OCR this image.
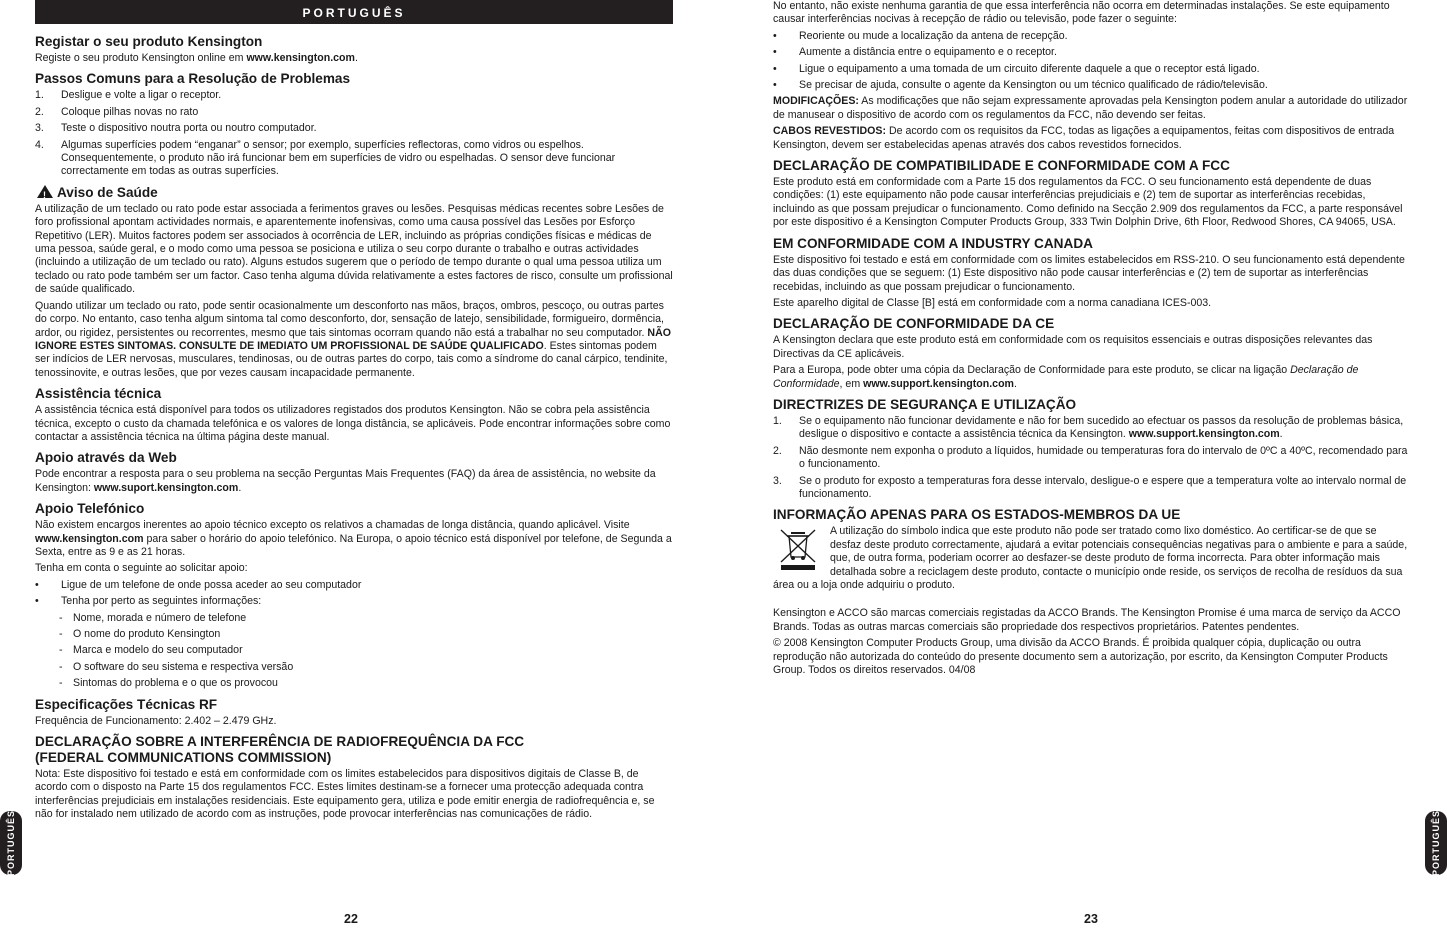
PORTUGUÊS
Registar o seu produto Kensington

Registe o seu produto Kensington online em www.kensington.com.

Passos Comuns para a Resolução de Problemas
1. Desligue e volte a ligar o receptor.
2. Coloque pilhas novas no rato
3. Teste o dispositivo noutra porta ou noutro computador.
4. Algumas superfícies podem “enganar” o sensor; por exemplo, superfícies reflectoras, como vidros ou espelhos. Consequentemente, o produto não irá funcionar bem em superfícies de vidro ou espelhadas. O sensor deve funcionar correctamente em todas as outras superfícies.
!Aviso de Saúde

A utilização de um teclado ou rato pode estar associada a ferimentos graves ou lesões. Pesquisas médicas recentes sobre Lesões de foro profissional apontam actividades normais, e aparentemente inofensivas, como uma causa possível das Lesões por Esforço Repetitivo (LER). Muitos factores podem ser associados à ocorrência de LER, incluindo as próprias condições físicas e médicas de uma pessoa, saúde geral, e o modo como uma pessoa se posiciona e utiliza o seu corpo durante o trabalho e outras actividades (incluindo a utilização de um teclado ou rato). Alguns estudos sugerem que o período de tempo durante o qual uma pessoa utiliza um teclado ou rato pode também ser um factor. Caso tenha alguma dúvida relativamente a estes factores de risco, consulte um profissional de saúde qualificado.

Quando utilizar um teclado ou rato, pode sentir ocasionalmente um desconforto nas mãos, braços, ombros, pescoço, ou outras partes do corpo. No entanto, caso tenha algum sintoma tal como desconforto, dor, sensação de latejo, sensibilidade, formigueiro, dormência, ardor, ou rigidez, persistentes ou recorrentes, mesmo que tais sintomas ocorram quando não está a trabalhar no seu computador. NÃO IGNORE ESTES SINTOMAS. CONSULTE DE IMEDIATO UM PROFISSIONAL DE SAÚDE QUALIFICADO. Estes sintomas podem ser indícios de LER nervosas, musculares, tendinosas, ou de outras partes do corpo, tais como a síndrome do canal cárpico, tendinite, tenossinovite, e outras lesões, que por vezes causam incapacidade permanente.

Assistência técnica

A assistência técnica está disponível para todos os utilizadores registados dos produtos Kensington. Não se cobra pela assistência técnica, excepto o custo da chamada telefónica e os valores de longa distância, se aplicáveis. Pode encontrar informações sobre como contactar a assistência técnica na última página deste manual.

Apoio através da Web

Pode encontrar a resposta para o seu problema na secção Perguntas Mais Frequentes (FAQ) da área de assistência, no website da Kensington: www.suport.kensington.com.

Apoio Telefónico

Não existem encargos inerentes ao apoio técnico excepto os relativos a chamadas de longa distância, quando aplicável. Visite www.kensington.com para saber o horário do apoio telefónico. Na Europa, o apoio técnico está disponível por telefone, de Segunda a Sexta, entre as 9 e as 21 horas.

Tenha em conta o seguinte ao solicitar apoio:

• Ligue de um telefone de onde possa aceder ao seu computador
• Tenha por perto as seguintes informações:
- Nome, morada e número de telefone
- O nome do produto Kensington
- Marca e modelo do seu computador
- O software do seu sistema e respectiva versão
- Sintomas do problema e o que os provocou
Especificações Técnicas RF

Frequência de Funcionamento: 2.402 – 2.479 GHz.

DECLARAÇÃO SOBRE A INTERFERÊNCIA DE RADIOFREQUÊNCIA DA FCC
(FEDERAL COMMUNICATIONS COMMISSION)

Nota: Este dispositivo foi testado e está em conformidade com os limites estabelecidos para dispositivos digitais de Classe B, de acordo com o disposto na Parte 15 dos regulamentos FCC. Estes limites destinam-se a fornecer uma protecção adequada contra interferências prejudiciais em instalações residenciais. Este equipamento gera, utiliza e pode emitir energia de radiofrequência e, se não for instalado nem utilizado de acordo com as instruções, pode provocar interferências nas comunicações de rádio.

22
PORTUGUÊS

No entanto, não existe nenhuma garantia de que essa interferência não ocorra em determinadas instalações. Se este equipamento causar interferências nocivas à recepção de rádio ou televisão, pode fazer o seguinte:

• Reoriente ou mude a localização da antena de recepção.
• Aumente a distância entre o equipamento e o receptor.
• Ligue o equipamento a uma tomada de um circuito diferente daquele a que o receptor está ligado.
• Se precisar de ajuda, consulte o agente da Kensington ou um técnico qualificado de rádio/televisão.

MODIFICAÇÕES: As modificações que não sejam expressamente aprovadas pela Kensington podem anular a autoridade do utilizador de manusear o dispositivo de acordo com os regulamentos da FCC, não devendo ser feitas.

CABOS REVESTIDOS: De acordo com os requisitos da FCC, todas as ligações a equipamentos, feitas com dispositivos de entrada Kensington, devem ser estabelecidas apenas através dos cabos revestidos fornecidos.

DECLARAÇÃO DE COMPATIBILIDADE E CONFORMIDADE COM A FCC

Este produto está em conformidade com a Parte 15 dos regulamentos da FCC. O seu funcionamento está dependente de duas condições: (1) este equipamento não pode causar interferências prejudiciais e (2) tem de suportar as interferências recebidas, incluindo as que possam prejudicar o funcionamento. Como definido na Secção 2.909 dos regulamentos da FCC, a parte responsável por este dispositivo é a Kensington Computer Products Group, 333 Twin Dolphin Drive, 6th Floor, Redwood Shores, CA 94065, USA.

EM CONFORMIDADE COM A INDUSTRY CANADA

Este dispositivo foi testado e está em conformidade com os limites estabelecidos em RSS-210. O seu funcionamento está dependente das duas condições que se seguem: (1) Este dispositivo não pode causar interferências e (2) tem de suportar as interferências recebidas, incluindo as que possam prejudicar o funcionamento.

Este aparelho digital de Classe [B] está em conformidade com a norma canadiana ICES-003.

DECLARAÇÃO DE CONFORMIDADE DA CE

A Kensington declara que este produto está em conformidade com os requisitos essenciais e outras disposições relevantes das Directivas da CE aplicáveis.

Para a Europa, pode obter uma cópia da Declaração de Conformidade para este produto, se clicar na ligação Declaração de Conformidade, em www.support.kensington.com.

DIRECTRIZES DE SEGURANÇA E UTILIZAÇÃO
1. Se o equipamento não funcionar devidamente e não for bem sucedido ao efectuar os passos da resolução de problemas básica, desligue o dispositivo e contacte a assistência técnica da Kensington. www.support.kensington.com.
2. Não desmonte nem exponha o produto a líquidos, humidade ou temperaturas fora do intervalo de 0ºC a 40ºC, recomendado para o funcionamento.
3. Se o produto for exposto a temperaturas fora desse intervalo, desligue-o e espere que a temperatura volte ao intervalo normal de funcionamento.
INFORMAÇÃO APENAS PARA OS ESTADOS-MEMBROS DA UE

A utilização do símbolo indica que este produto não pode ser tratado como lixo doméstico. Ao certificar-se de que se desfaz deste produto correctamente, ajudará a evitar potenciais consequências negativas para o ambiente e para a saúde, que, de outra forma, poderiam ocorrer ao desfazer-se deste produto de forma incorrecta. Para obter informação mais detalhada sobre a reciclagem deste produto, contacte o município onde reside, os serviços de recolha de resíduos da sua área ou a loja onde adquiriu o produto.

Kensington e ACCO são marcas comerciais registadas da ACCO Brands. The Kensington Promise é uma marca de serviço da ACCO Brands. Todas as outras marcas comerciais são propriedade dos respectivos proprietários. Patentes pendentes.

© 2008 Kensington Computer Products Group, uma divisão da ACCO Brands. É proibida qualquer cópia, duplicação ou outra reprodução não autorizada do conteúdo do presente documento sem a autorização, por escrito, da Kensington Computer Products Group. Todos os direitos reservados. 04/08

23
PORTUGUÊS
